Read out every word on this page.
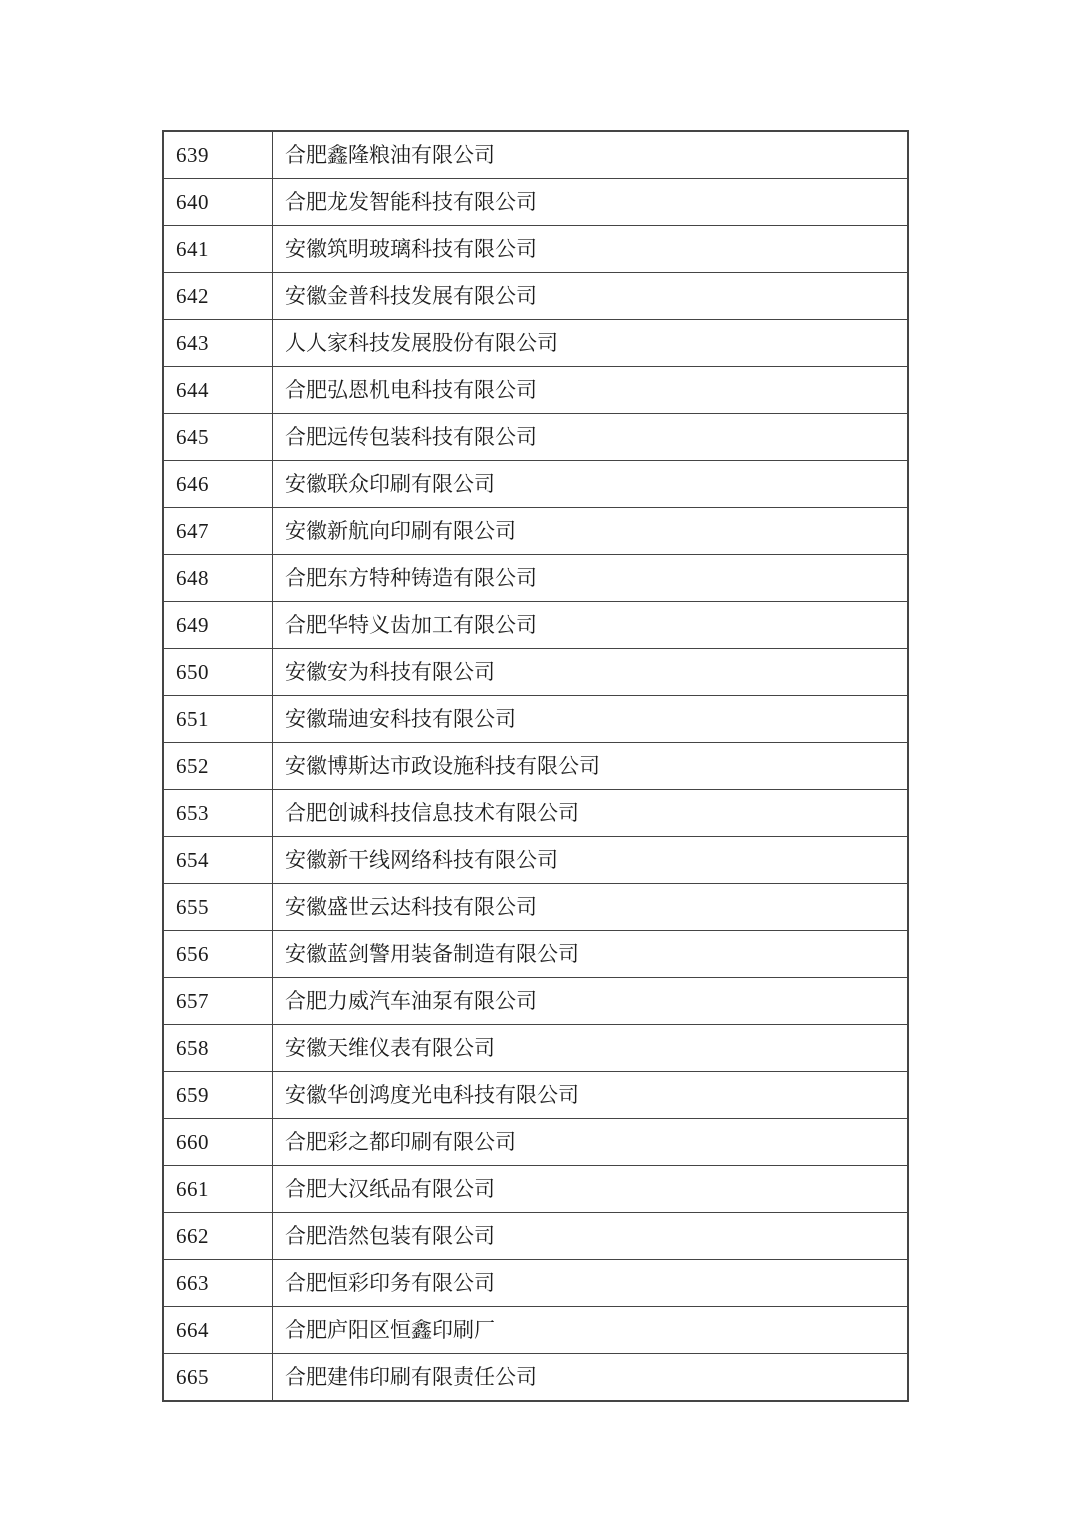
639	合肥鑫隆粮油有限公司
640	合肥龙发智能科技有限公司
641	安徽筑明玻璃科技有限公司
642	安徽金普科技发展有限公司
643	人人家科技发展股份有限公司
644	合肥弘恩机电科技有限公司
645	合肥远传包装科技有限公司
646	安徽联众印刷有限公司
647	安徽新航向印刷有限公司
648	合肥东方特种铸造有限公司
649	合肥华特义齿加工有限公司
650	安徽安为科技有限公司
651	安徽瑞迪安科技有限公司
652	安徽博斯达市政设施科技有限公司
653	合肥创诚科技信息技术有限公司
654	安徽新干线网络科技有限公司
655	安徽盛世云达科技有限公司
656	安徽蓝剑警用装备制造有限公司
657	合肥力威汽车油泵有限公司
658	安徽天维仪表有限公司
659	安徽华创鸿度光电科技有限公司
660	合肥彩之都印刷有限公司
661	合肥大汉纸品有限公司
662	合肥浩然包装有限公司
663	合肥恒彩印务有限公司
664	合肥庐阳区恒鑫印刷厂
665	合肥建伟印刷有限责任公司
